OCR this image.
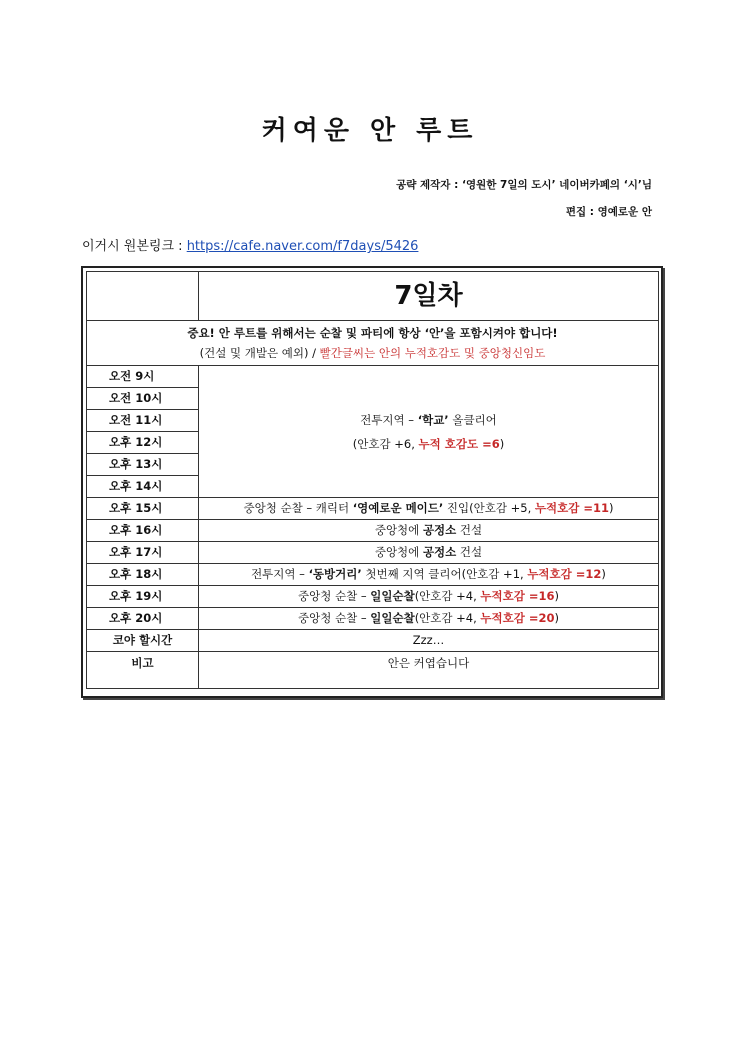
커여운 안 루트
공략 제작자 : ‘영원한 7일의 도시’ 네이버카페의 ‘시’님
편집 : 영예로운 안
이거시 원본링크 : https://cafe.naver.com/f7days/5426
	7일차

중요! 안 루트를 위해서는 순찰 및 파티에 항상 ‘안’을 포함시켜야 합니다!
(건설 및 개발은 예외) / 빨간글씨는 안의 누적호감도 및 중앙청신임도	

오전 9시	전투지역 – ‘학교’ 올클리어
(안호감 +6, 누적 호감도 =6)

오전 10시	
오전 11시	
오후 12시	
오후 13시	
오후 14시	
오후 15시	중앙청 순찰 – 캐릭터 ‘영예로운 메이드’ 진입(안호감 +5, 누적호감 =11)
오후 16시	중앙청에 공정소 건설
오후 17시	중앙청에 공정소 건설
오후 18시	전투지역 – ‘동방거리’ 첫번째 지역 클리어(안호감 +1, 누적호감 =12)
오후 19시	중앙청 순찰 – 일일순찰(안호감 +4, 누적호감 =16)
오후 20시	중앙청 순찰 – 일일순찰(안호감 +4, 누적호감 =20)
코야 할시간	Zzz…
비고	안은 커엽습니다
